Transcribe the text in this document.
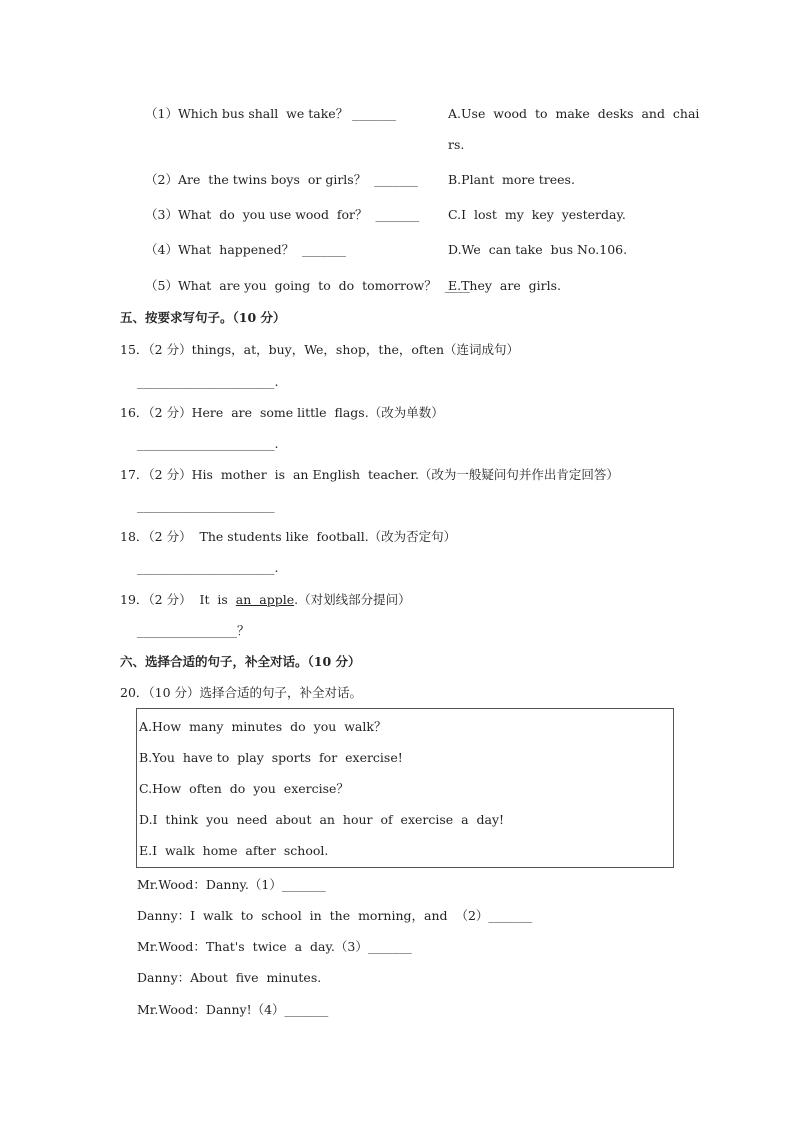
（1）Which bus shall  we take？ _______	A.Use  wood  to  make  desks  and  chai
rs.
（2）Are  the twins boys  or girls？  _______ B.Plant  more trees.
（3）What  do  you use wood  for？  _______ C.I  lost  my  key  yesterday.
（4）What  happened？  _______	D.We  can take  bus No.106.
（5）What  are you  going  to  do  tomorrow？  ____
E.They  are  girls.
五、按要求写句子。（10 分）
15．（2 分）things，at，buy，We，shop，the，often（连词成句）
______________________.
16．（2 分）Here  are  some little  flags.（改为单数）
______________________.
17．（2 分）His  mother  is  an English  teacher.（改为一般疑问句并作出肯定回答）
______________________
18．（2 分）  The students like  football.（改为否定句）
______________________.
19．（2 分）  It  is  an  apple.（对划线部分提问）
________________？
六、选择合适的句子，补全对话。（10 分）
20．（10 分）选择合适的句子，补全对话。
A.How  many  minutes  do  you  walk？
B.You  have to  play  sports  for  exercise!
C.How  often  do  you  exercise？
D.I  think  you  need  about  an  hour  of  exercise  a  day!
E.I  walk  home  after  school.
Mr.Wood：Danny.（1）_______
Danny：I  walk  to  school  in  the  morning，and  （2）_______
Mr.Wood：That's  twice  a  day.（3）_______
Danny：About  five  minutes.
Mr.Wood：Danny!（4）_______
